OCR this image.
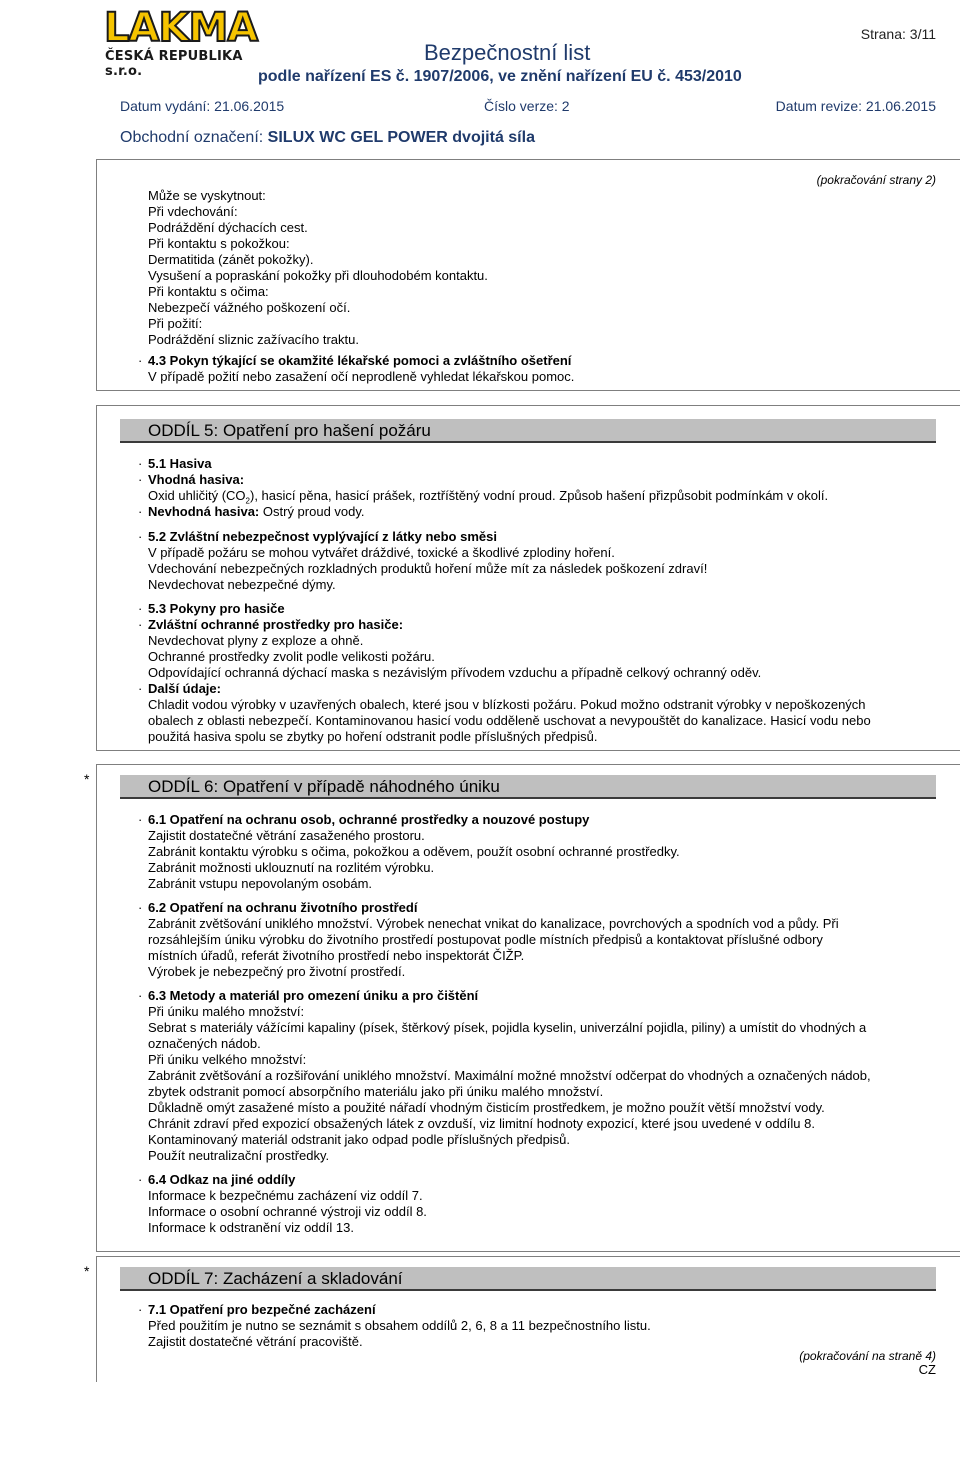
LAKMA
ČESKÁ REPUBLIKA s.r.o.
Strana: 3/11
Bezpečnostní list
podle nařízení ES č. 1907/2006, ve znění nařízení EU č. 453/2010
Datum vydání: 21.06.2015	Číslo verze: 2	Datum revize: 21.06.2015
Obchodní označení: SILUX WC GEL POWER dvojitá síla
(pokračování strany 2)
Může se vyskytnout:
Při vdechování:
Podráždění dýchacích cest.
Při kontaktu s pokožkou:
Dermatitida (zánět pokožky).
Vysušení a popraskání pokožky při dlouhodobém kontaktu.
Při kontaktu s očima:
Nebezpečí vážného poškození očí.
Při požití:
Podráždění sliznic zažívacího traktu.
· 4.3 Pokyn týkající se okamžité lékařské pomoci a zvláštního ošetření
V případě požití nebo zasažení očí neprodleně vyhledat lékařskou pomoc.
ODDÍL 5: Opatření pro hašení požáru
· 5.1 Hasiva
· Vhodná hasiva:
Oxid uhličitý $(CO_2)$, hasicí pěna, hasicí prášek, roztříštěný vodní proud. Způsob hašení přizpůsobit podmínkám v okolí.
· Nevhodná hasiva: Ostrý proud vody.
· 5.2 Zvláštní nebezpečnost vyplývající z látky nebo směsi
V případě požáru se mohou vytvářet dráždivé, toxické a škodlivé zplodiny hoření.
Vdechování nebezpečných rozkladných produktů hoření může mít za následek poškození zdraví!
Nevdechovat nebezpečné dýmy.
· 5.3 Pokyny pro hasiče
· Zvláštní ochranné prostředky pro hasiče:
Nevdechovat plyny z exploze a ohně.
Ochranné prostředky zvolit podle velikosti požáru.
Odpovídající ochranná dýchací maska s nezávislým přívodem vzduchu a případně celkový ochranný oděv.
· Další údaje:
Chladit vodou výrobky v uzavřených obalech, které jsou v blízkosti požáru. Pokud možno odstranit výrobky v nepoškozených
obalech z oblasti nebezpečí. Kontaminovanou hasicí vodu odděleně uschovat a nevypouštět do kanalizace. Hasicí vodu nebo
použitá hasiva spolu se zbytky po hoření odstranit podle příslušných předpisů.
*	ODDÍL 6: Opatření v případě náhodného úniku
· 6.1 Opatření na ochranu osob, ochranné prostředky a nouzové postupy
Zajistit dostatečné větrání zasaženého prostoru.
Zabránit kontaktu výrobku s očima, pokožkou a oděvem, použít osobní ochranné prostředky.
Zabránit možnosti uklouznutí na rozlitém výrobku.
Zabránit vstupu nepovolaným osobám.
· 6.2 Opatření na ochranu životního prostředí
Zabránit zvětšování uniklého množství. Výrobek nenechat vnikat do kanalizace, povrchových a spodních vod a půdy. Při
rozsáhlejším úniku výrobku do životního prostředí postupovat podle místních předpisů a kontaktovat příslušné odbory
místních úřadů, referát životního prostředí nebo inspektorát ČIŽP.
Výrobek je nebezpečný pro životní prostředí.
· 6.3 Metody a materiál pro omezení úniku a pro čištění
Při úniku malého množství:
Sebrat s materiály vážícími kapaliny (písek, štěrkový písek, pojidla kyselin, univerzální pojidla, piliny) a umístit do vhodných a
označených nádob.
Při úniku velkého množství:
Zabránit zvětšování a rozšiřování uniklého množství. Maximální možné množství odčerpat do vhodných a označených nádob,
zbytek odstranit pomocí absorpčního materiálu jako při úniku malého množství.
Důkladně omýt zasažené místo a použité nářadí vhodným čisticím prostředkem, je možno použít větší množství vody.
Chránit zdraví před expozicí obsažených látek z ovzduší, viz limitní hodnoty expozicí, které jsou uvedené v oddílu 8.
Kontaminovaný materiál odstranit jako odpad podle příslušných předpisů.
Použít neutralizační prostředky.
· 6.4 Odkaz na jiné oddíly
Informace k bezpečnému zacházení viz oddíl 7.
Informace o osobní ochranné výstroji viz oddíl 8.
Informace k odstranění viz oddíl 13.
*	ODDÍL 7: Zacházení a skladování
· 7.1 Opatření pro bezpečné zacházení
Před použitím je nutno se seznámit s obsahem oddílů 2, 6, 8 a 11 bezpečnostního listu.
Zajistit dostatečné větrání pracoviště.
(pokračování na straně 4)
CZ
